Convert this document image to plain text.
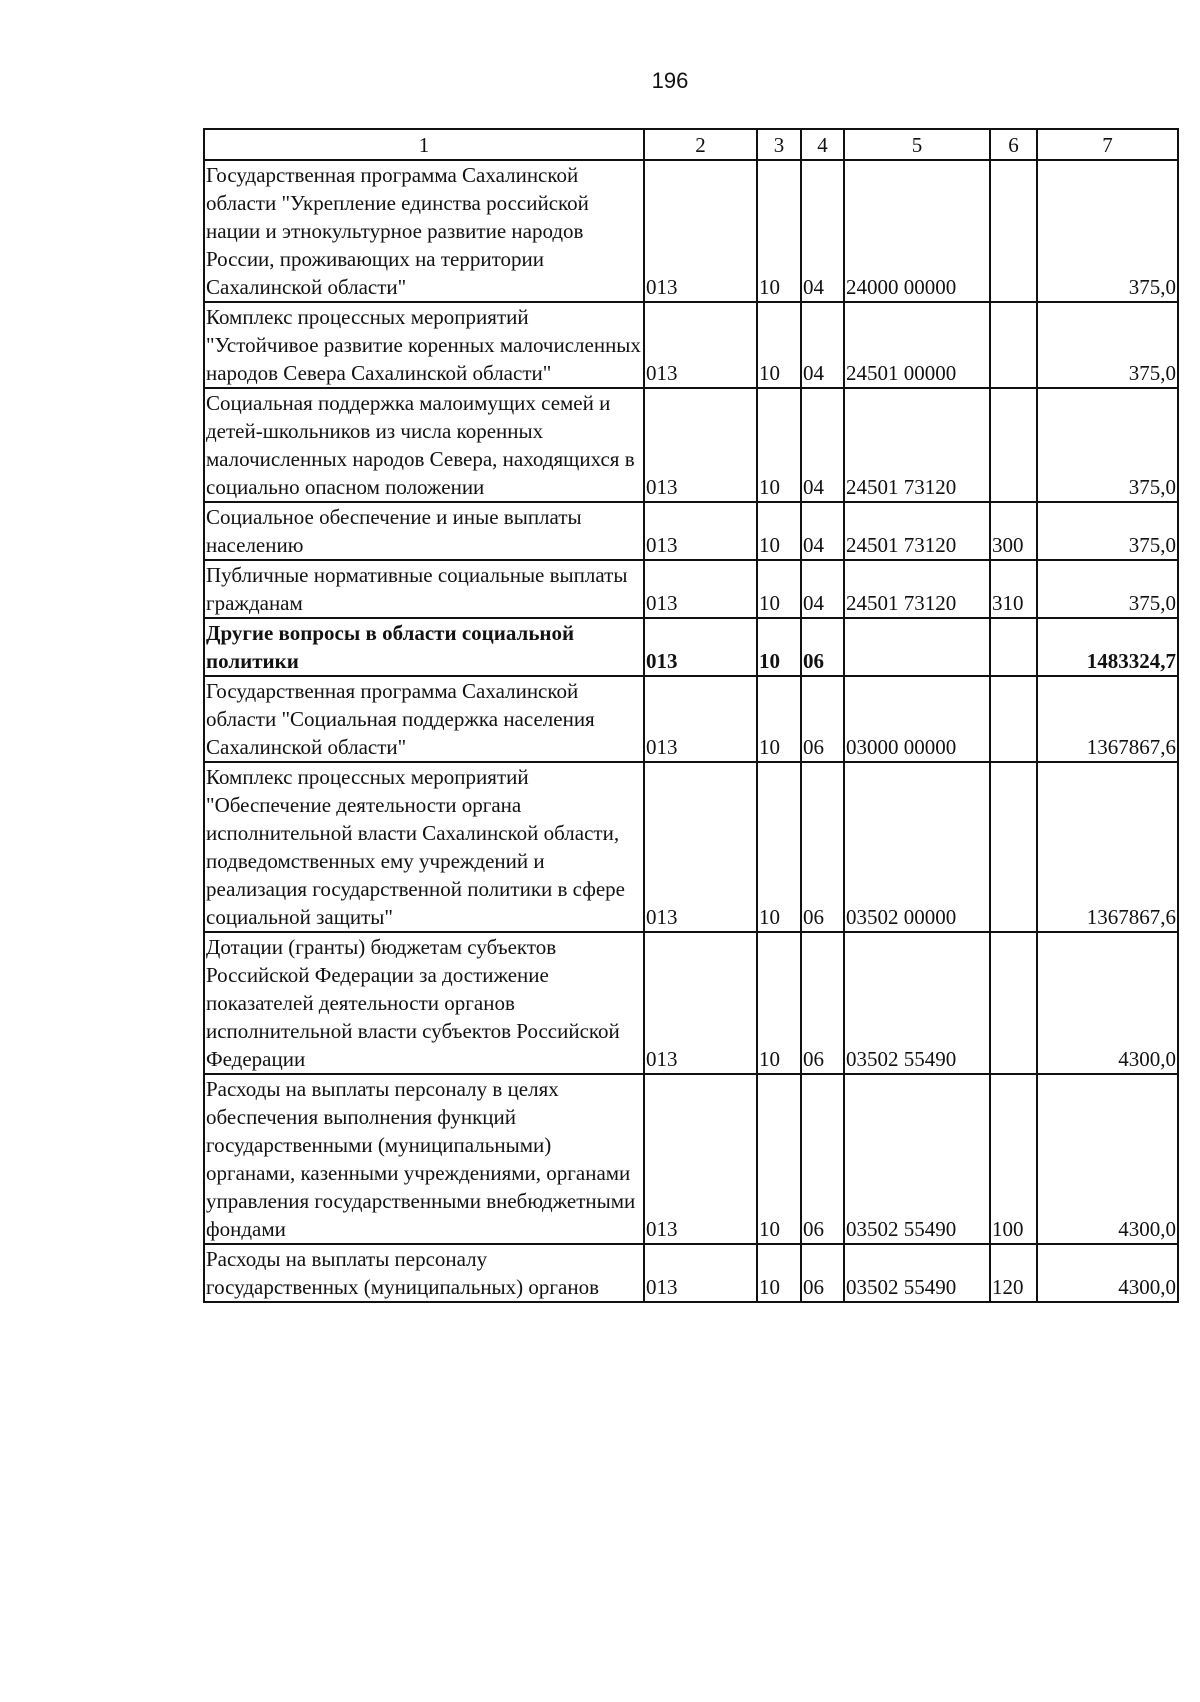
196
1	2	3	4	5	6	7
Государственная программа Сахалинской области "Укрепление единства российской нации и этнокультурное развитие народов России, проживающих на территории Сахалинской области"	013	10	04	24000 00000		375,0
Комплекс процессных мероприятий "Устойчивое развитие коренных малочисленных народов Севера Сахалинской области"	013	10	04	24501 00000		375,0
Социальная поддержка малоимущих семей и детей-школьников из числа коренных малочисленных народов Севера, находящихся в социально опасном положении	013	10	04	24501 73120		375,0
Социальное обеспечение и иные выплаты населению	013	10	04	24501 73120	300	375,0
Публичные нормативные социальные выплаты гражданам	013	10	04	24501 73120	310	375,0
Другие вопросы в области социальной политики	013	10	06			1483324,7
Государственная программа Сахалинской области "Социальная поддержка населения Сахалинской области"	013	10	06	03000 00000		1367867,6
Комплекс процессных мероприятий "Обеспечение деятельности органа исполнительной власти Сахалинской области, подведомственных ему учреждений и реализация государственной политики в сфере социальной защиты"	013	10	06	03502 00000		1367867,6
Дотации (гранты) бюджетам субъектов Российской Федерации за достижение показателей деятельности органов исполнительной власти субъектов Российской Федерации	013	10	06	03502 55490		4300,0
Расходы на выплаты персоналу в целях обеспечения выполнения функций государственными (муниципальными) органами, казенными учреждениями, органами управления государственными внебюджетными фондами	013	10	06	03502 55490	100	4300,0
Расходы на выплаты персоналу государственных (муниципальных) органов	013	10	06	03502 55490	120	4300,0
